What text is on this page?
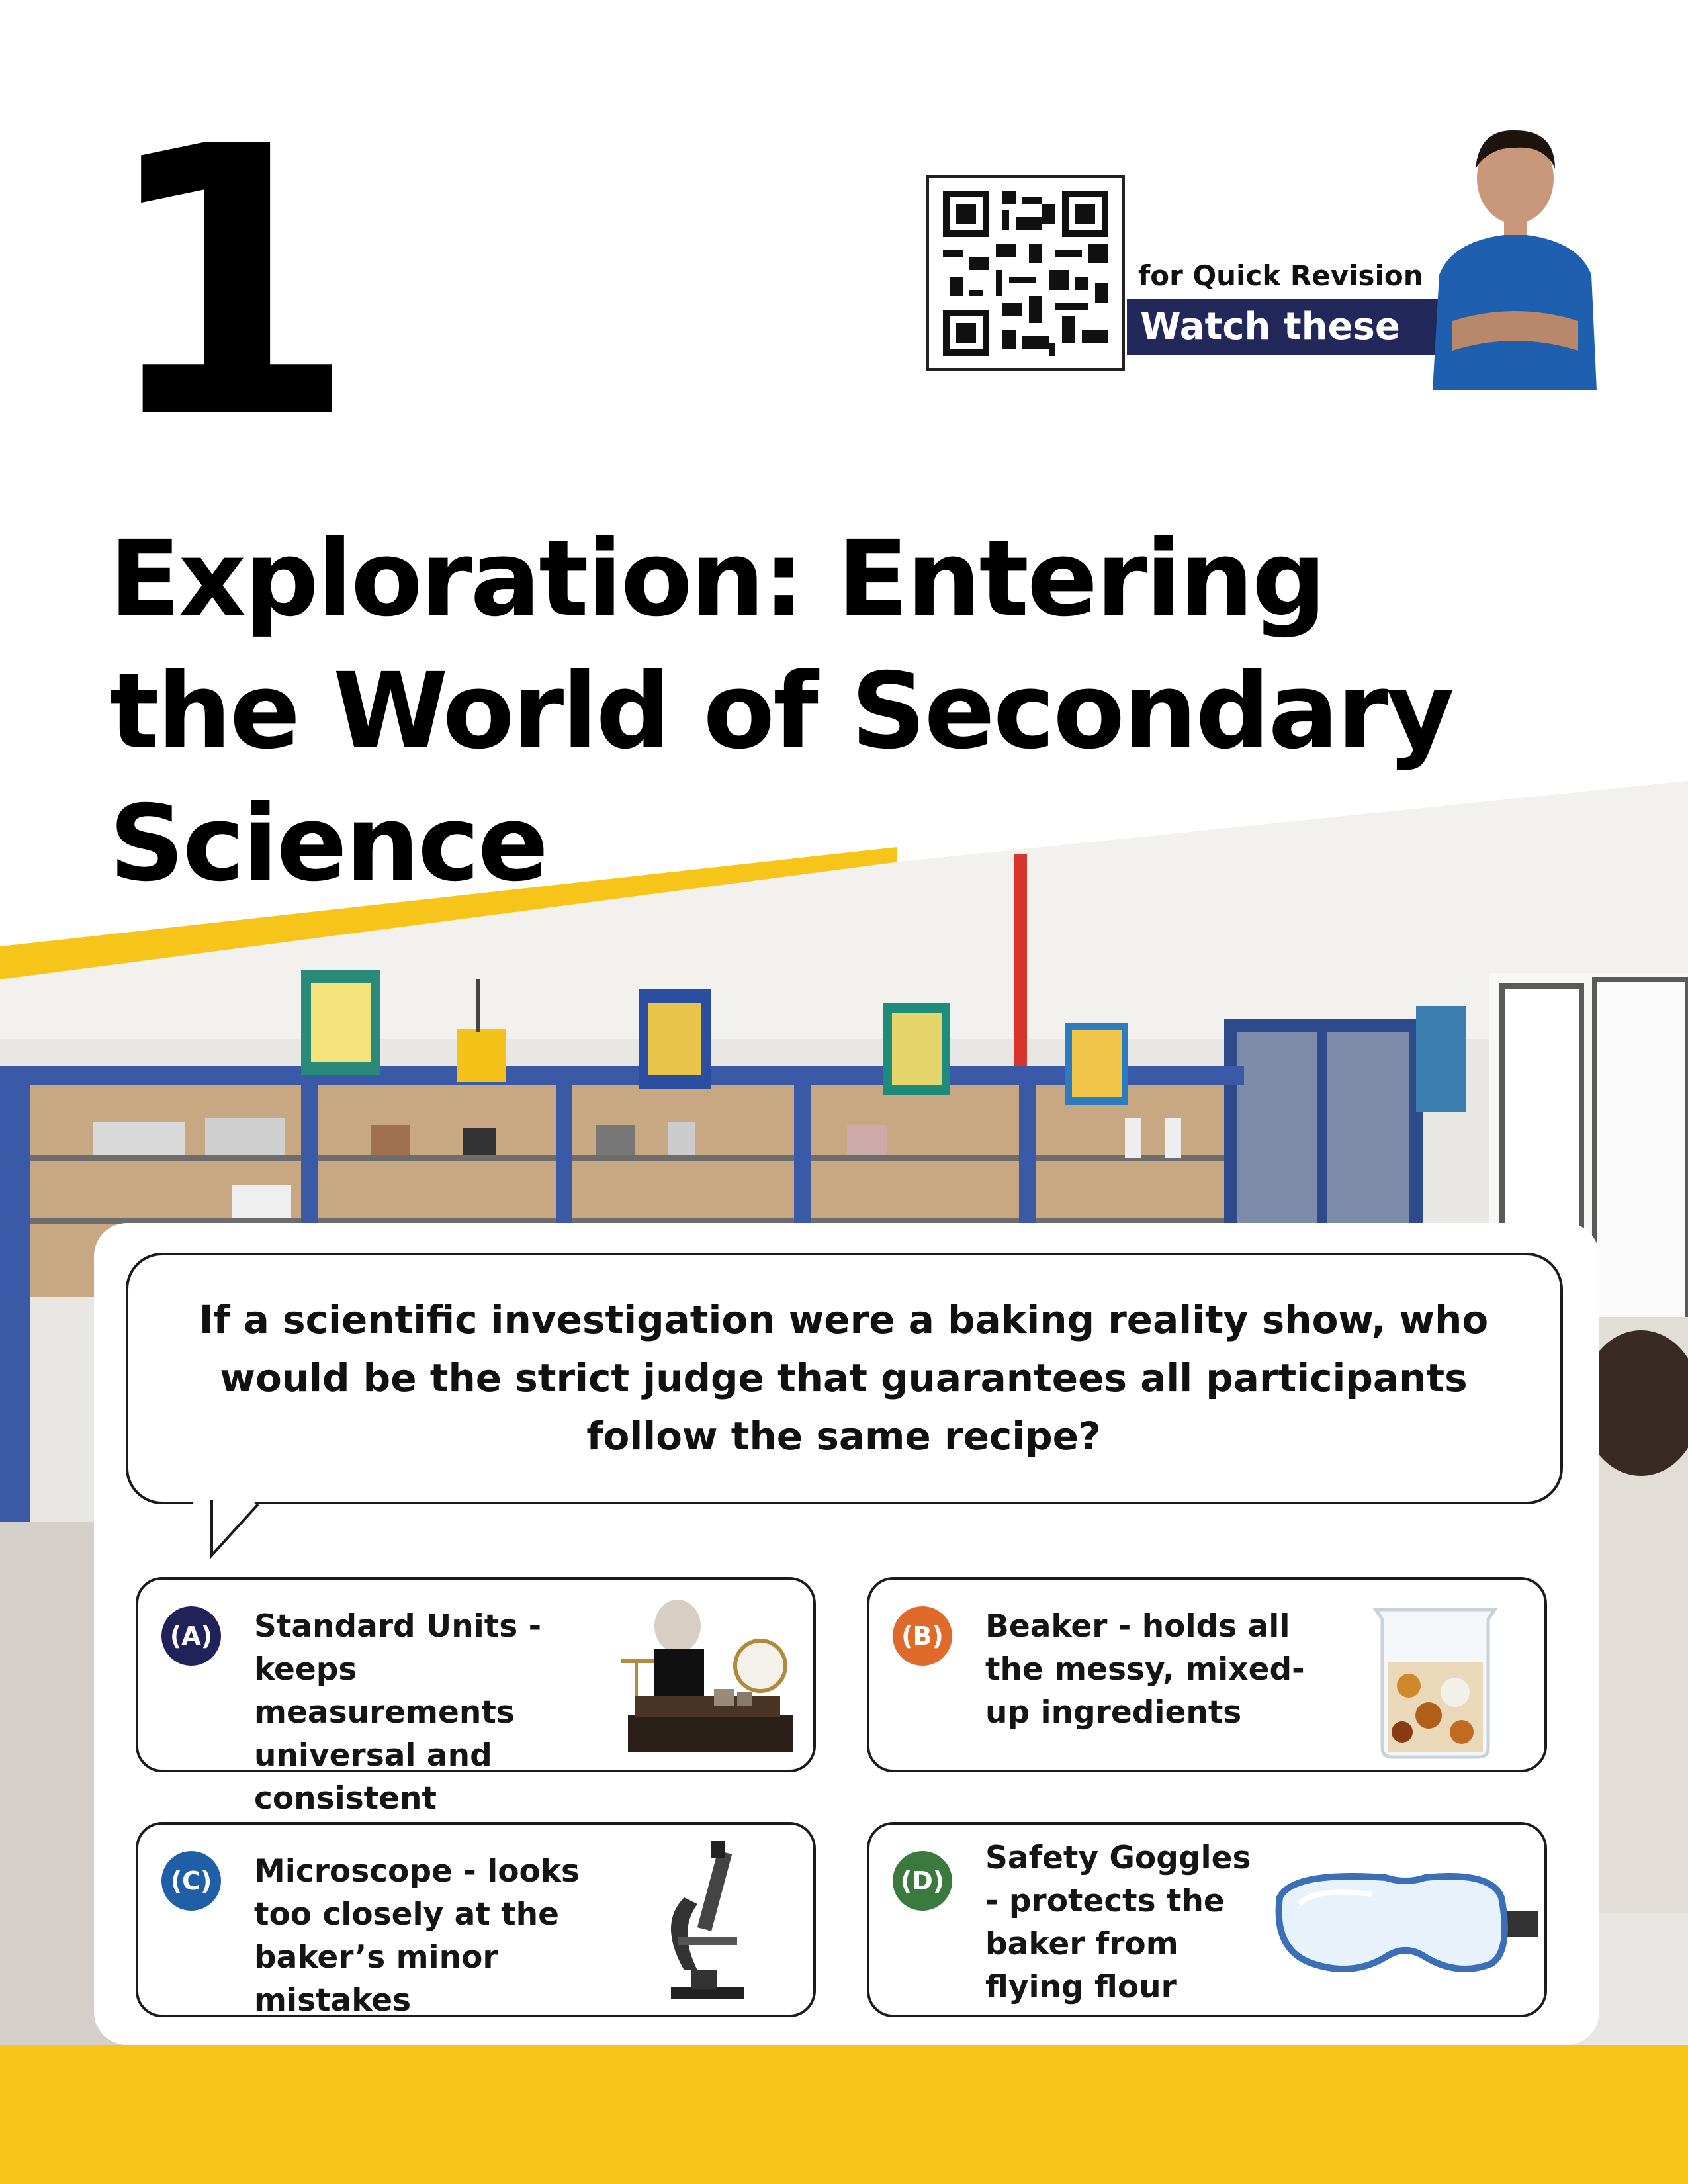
1
Exploration: Entering
the World of Secondary
Science
for Quick Revision
Watch these

If a scientific investigation were a baking reality show, who would be the strict judge that guarantees all participants follow the same recipe?

(A) Standard Units - keeps measurements universal and consistent
(B) Beaker - holds all the messy, mixed-up ingredients
(C) Microscope - looks too closely at the baker’s minor mistakes
(D)
Safety Goggles - protects the baker from flying flour
